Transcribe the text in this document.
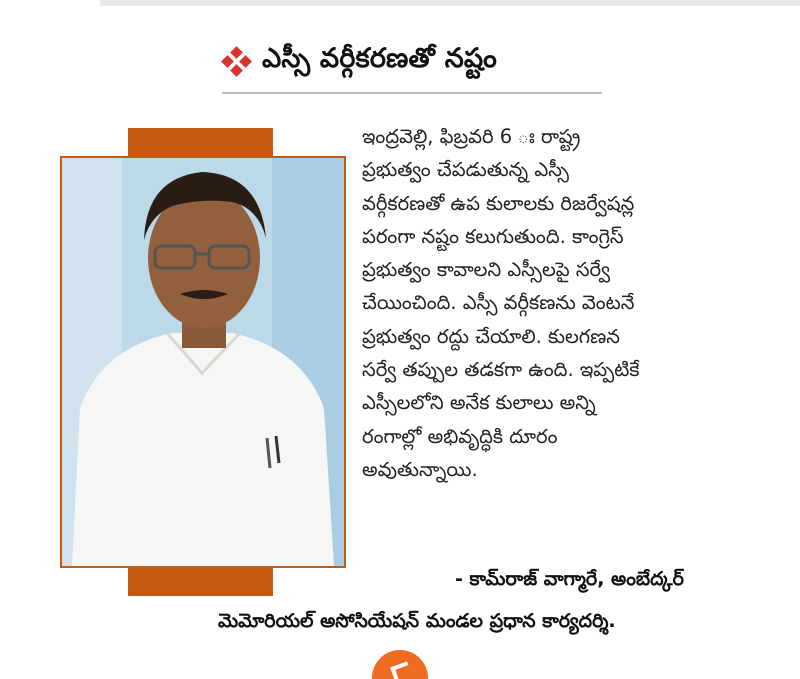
ఎస్సీ వర్గీకరణతో నష్టం
ఇంద్రవెల్లి, ఫిబ్రవరి 6 ః రాష్ట్ర
ప్రభుత్వం చేపడుతున్న ఎస్సీ
వర్గీకరణతో ఉప కులాలకు రిజర్వేషన్ల
పరంగా నష్టం కలుగుతుంది. కాంగ్రెస్
ప్రభుత్వం కావాలని ఎస్సీలపై సర్వే
చేయించింది. ఎస్సీ వర్గీకణను వెంటనే
ప్రభుత్వం రద్దు చేయాలి. కులగణన
సర్వే తప్పుల తడకగా ఉంది. ఇప్పటికే
ఎస్సీలలోని అనేక కులాలు అన్ని
రంగాల్లో అభివృద్ధికి దూరం
అవుతున్నాయి.
- కామ్‌రాజ్ వాగ్మారే, అంబేద్కర్
మెమోరియల్ అసోసియేషన్ మండల ప్రధాన కార్యదర్శి.
